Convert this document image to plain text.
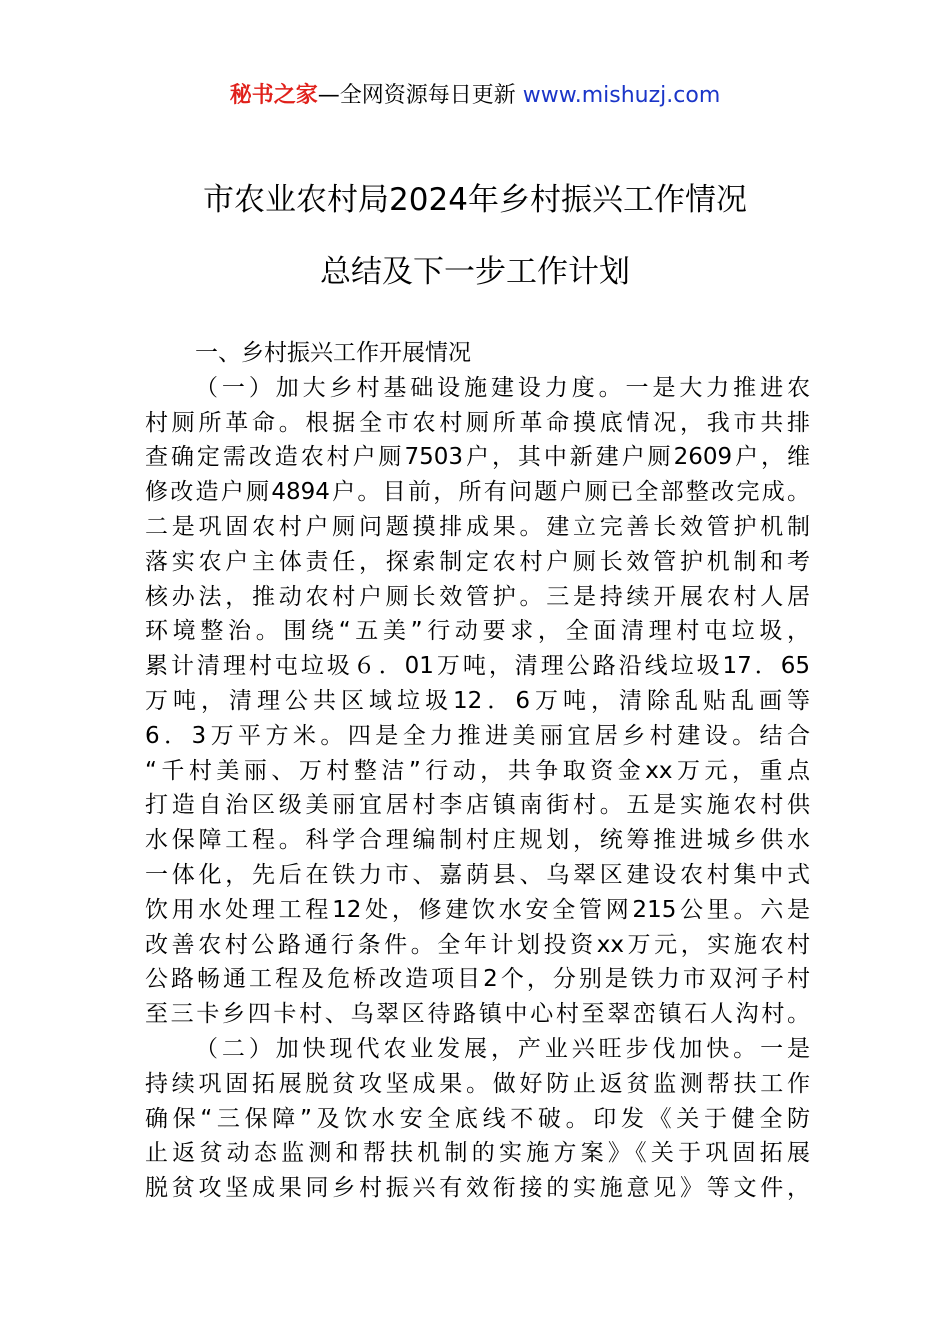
秘书之家—全网资源每日更新 www.mishuzj.com
市农业农村局2024年乡村振兴工作情况
总结及下一步工作计划
一、乡村振兴工作开展情况
（一）加大乡村基础设施建设力度。一是大力推进农
村厕所革命。根据全市农村厕所革命摸底情况，我市共排
查确定需改造农村户厕7503户，其中新建户厕2609户，维
修改造户厕4894户。目前，所有问题户厕已全部整改完成。
二是巩固农村户厕问题摸排成果。建立完善长效管护机制
落实农户主体责任，探索制定农村户厕长效管护机制和考
核办法，推动农村户厕长效管护。三是持续开展农村人居
环境整治。围绕“五美”行动要求，全面清理村屯垃圾，
累计清理村屯垃圾６．01万吨，清理公路沿线垃圾17．65
万吨，清理公共区域垃圾12．6万吨，清除乱贴乱画等
6．3万平方米。四是全力推进美丽宜居乡村建设。结合
“千村美丽、万村整洁”行动，共争取资金xx万元，重点
打造自治区级美丽宜居村李店镇南街村。五是实施农村供
水保障工程。科学合理编制村庄规划，统筹推进城乡供水
一体化，先后在铁力市、嘉荫县、乌翠区建设农村集中式
饮用水处理工程12处，修建饮水安全管网215公里。六是
改善农村公路通行条件。全年计划投资xx万元，实施农村
公路畅通工程及危桥改造项目2个，分别是铁力市双河子村
至三卡乡四卡村、乌翠区待路镇中心村至翠峦镇石人沟村。
（二）加快现代农业发展，产业兴旺步伐加快。一是
持续巩固拓展脱贫攻坚成果。做好防止返贫监测帮扶工作
确保“三保障”及饮水安全底线不破。印发《关于健全防
止返贫动态监测和帮扶机制的实施方案》《关于巩固拓展
脱贫攻坚成果同乡村振兴有效衔接的实施意见》等文件，
